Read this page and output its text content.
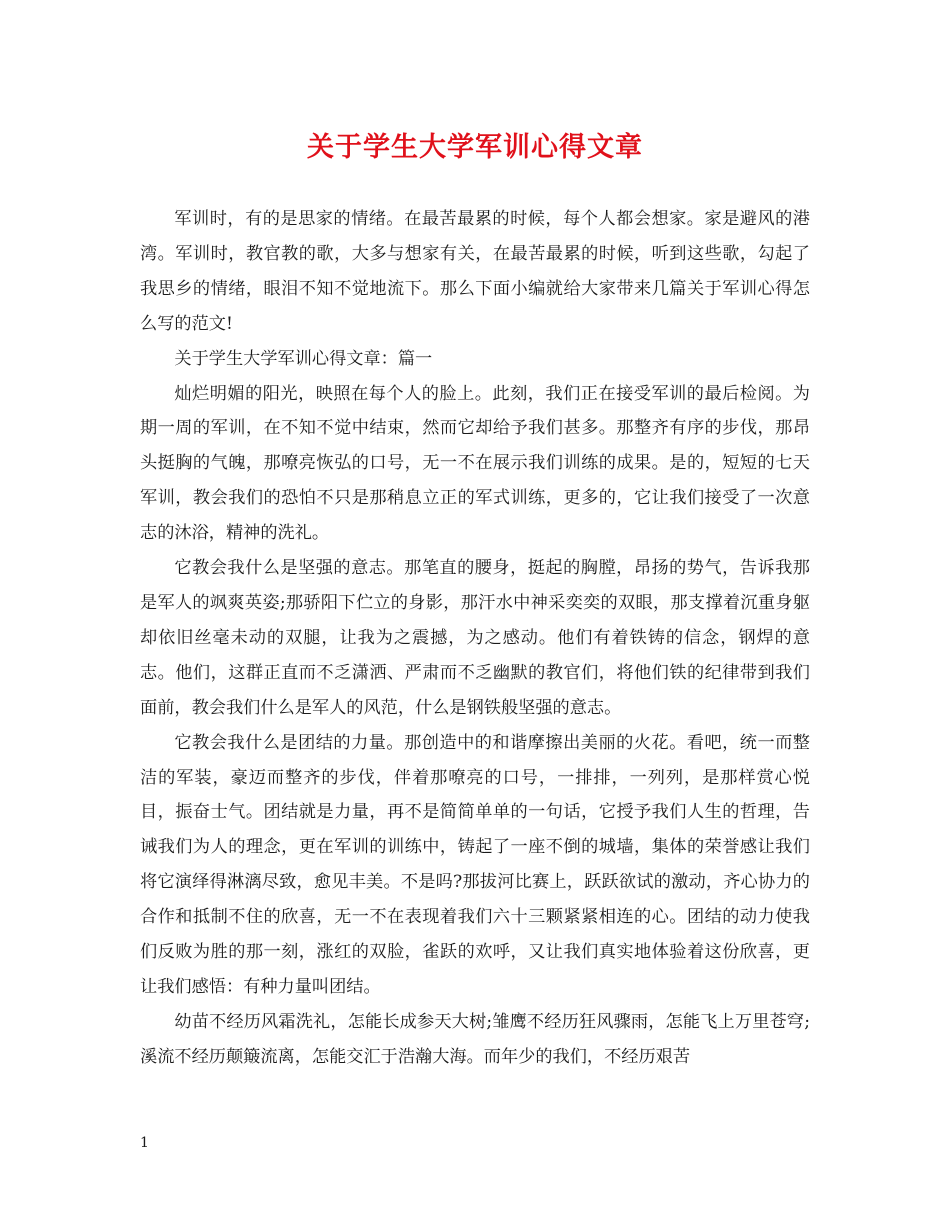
关于学生大学军训心得文章

军训时，有的是思家的情绪。在最苦最累的时候，每个人都会想家。家是避风的港湾。军训时，教官教的歌，大多与想家有关，在最苦最累的时候，听到这些歌，勾起了我思乡的情绪，眼泪不知不觉地流下。那么下面小编就给大家带来几篇关于军训心得怎么写的范文!

关于学生大学军训心得文章：篇一

灿烂明媚的阳光，映照在每个人的脸上。此刻，我们正在接受军训的最后检阅。为期一周的军训，在不知不觉中结束，然而它却给予我们甚多。那整齐有序的步伐，那昂头挺胸的气魄，那嘹亮恢弘的口号，无一不在展示我们训练的成果。是的，短短的七天军训，教会我们的恐怕不只是那稍息立正的军式训练，更多的，它让我们接受了一次意志的沐浴，精神的洗礼。

它教会我什么是坚强的意志。那笔直的腰身，挺起的胸膛，昂扬的势气，告诉我那是军人的飒爽英姿;那骄阳下伫立的身影，那汗水中神采奕奕的双眼，那支撑着沉重身躯却依旧丝毫未动的双腿，让我为之震撼，为之感动。他们有着铁铸的信念，钢焊的意志。他们，这群正直而不乏潇洒、严肃而不乏幽默的教官们，将他们铁的纪律带到我们面前，教会我们什么是军人的风范，什么是钢铁般坚强的意志。

它教会我什么是团结的力量。那创造中的和谐摩擦出美丽的火花。看吧，统一而整洁的军装，豪迈而整齐的步伐，伴着那嘹亮的口号，一排排，一列列，是那样赏心悦目，振奋士气。团结就是力量，再不是简简单单的一句话，它授予我们人生的哲理，告诫我们为人的理念，更在军训的训练中，铸起了一座不倒的城墙，集体的荣誉感让我们将它演绎得淋漓尽致，愈见丰美。不是吗?那拔河比赛上，跃跃欲试的激动，齐心协力的合作和抵制不住的欣喜，无一不在表现着我们六十三颗紧紧相连的心。团结的动力使我们反败为胜的那一刻，涨红的双脸，雀跃的欢呼，又让我们真实地体验着这份欣喜，更让我们感悟：有种力量叫团结。

幼苗不经历风霜洗礼，怎能长成参天大树;雏鹰不经历狂风骤雨，怎能飞上万里苍穹;溪流不经历颠簸流离，怎能交汇于浩瀚大海。而年少的我们，不经历艰苦

1
